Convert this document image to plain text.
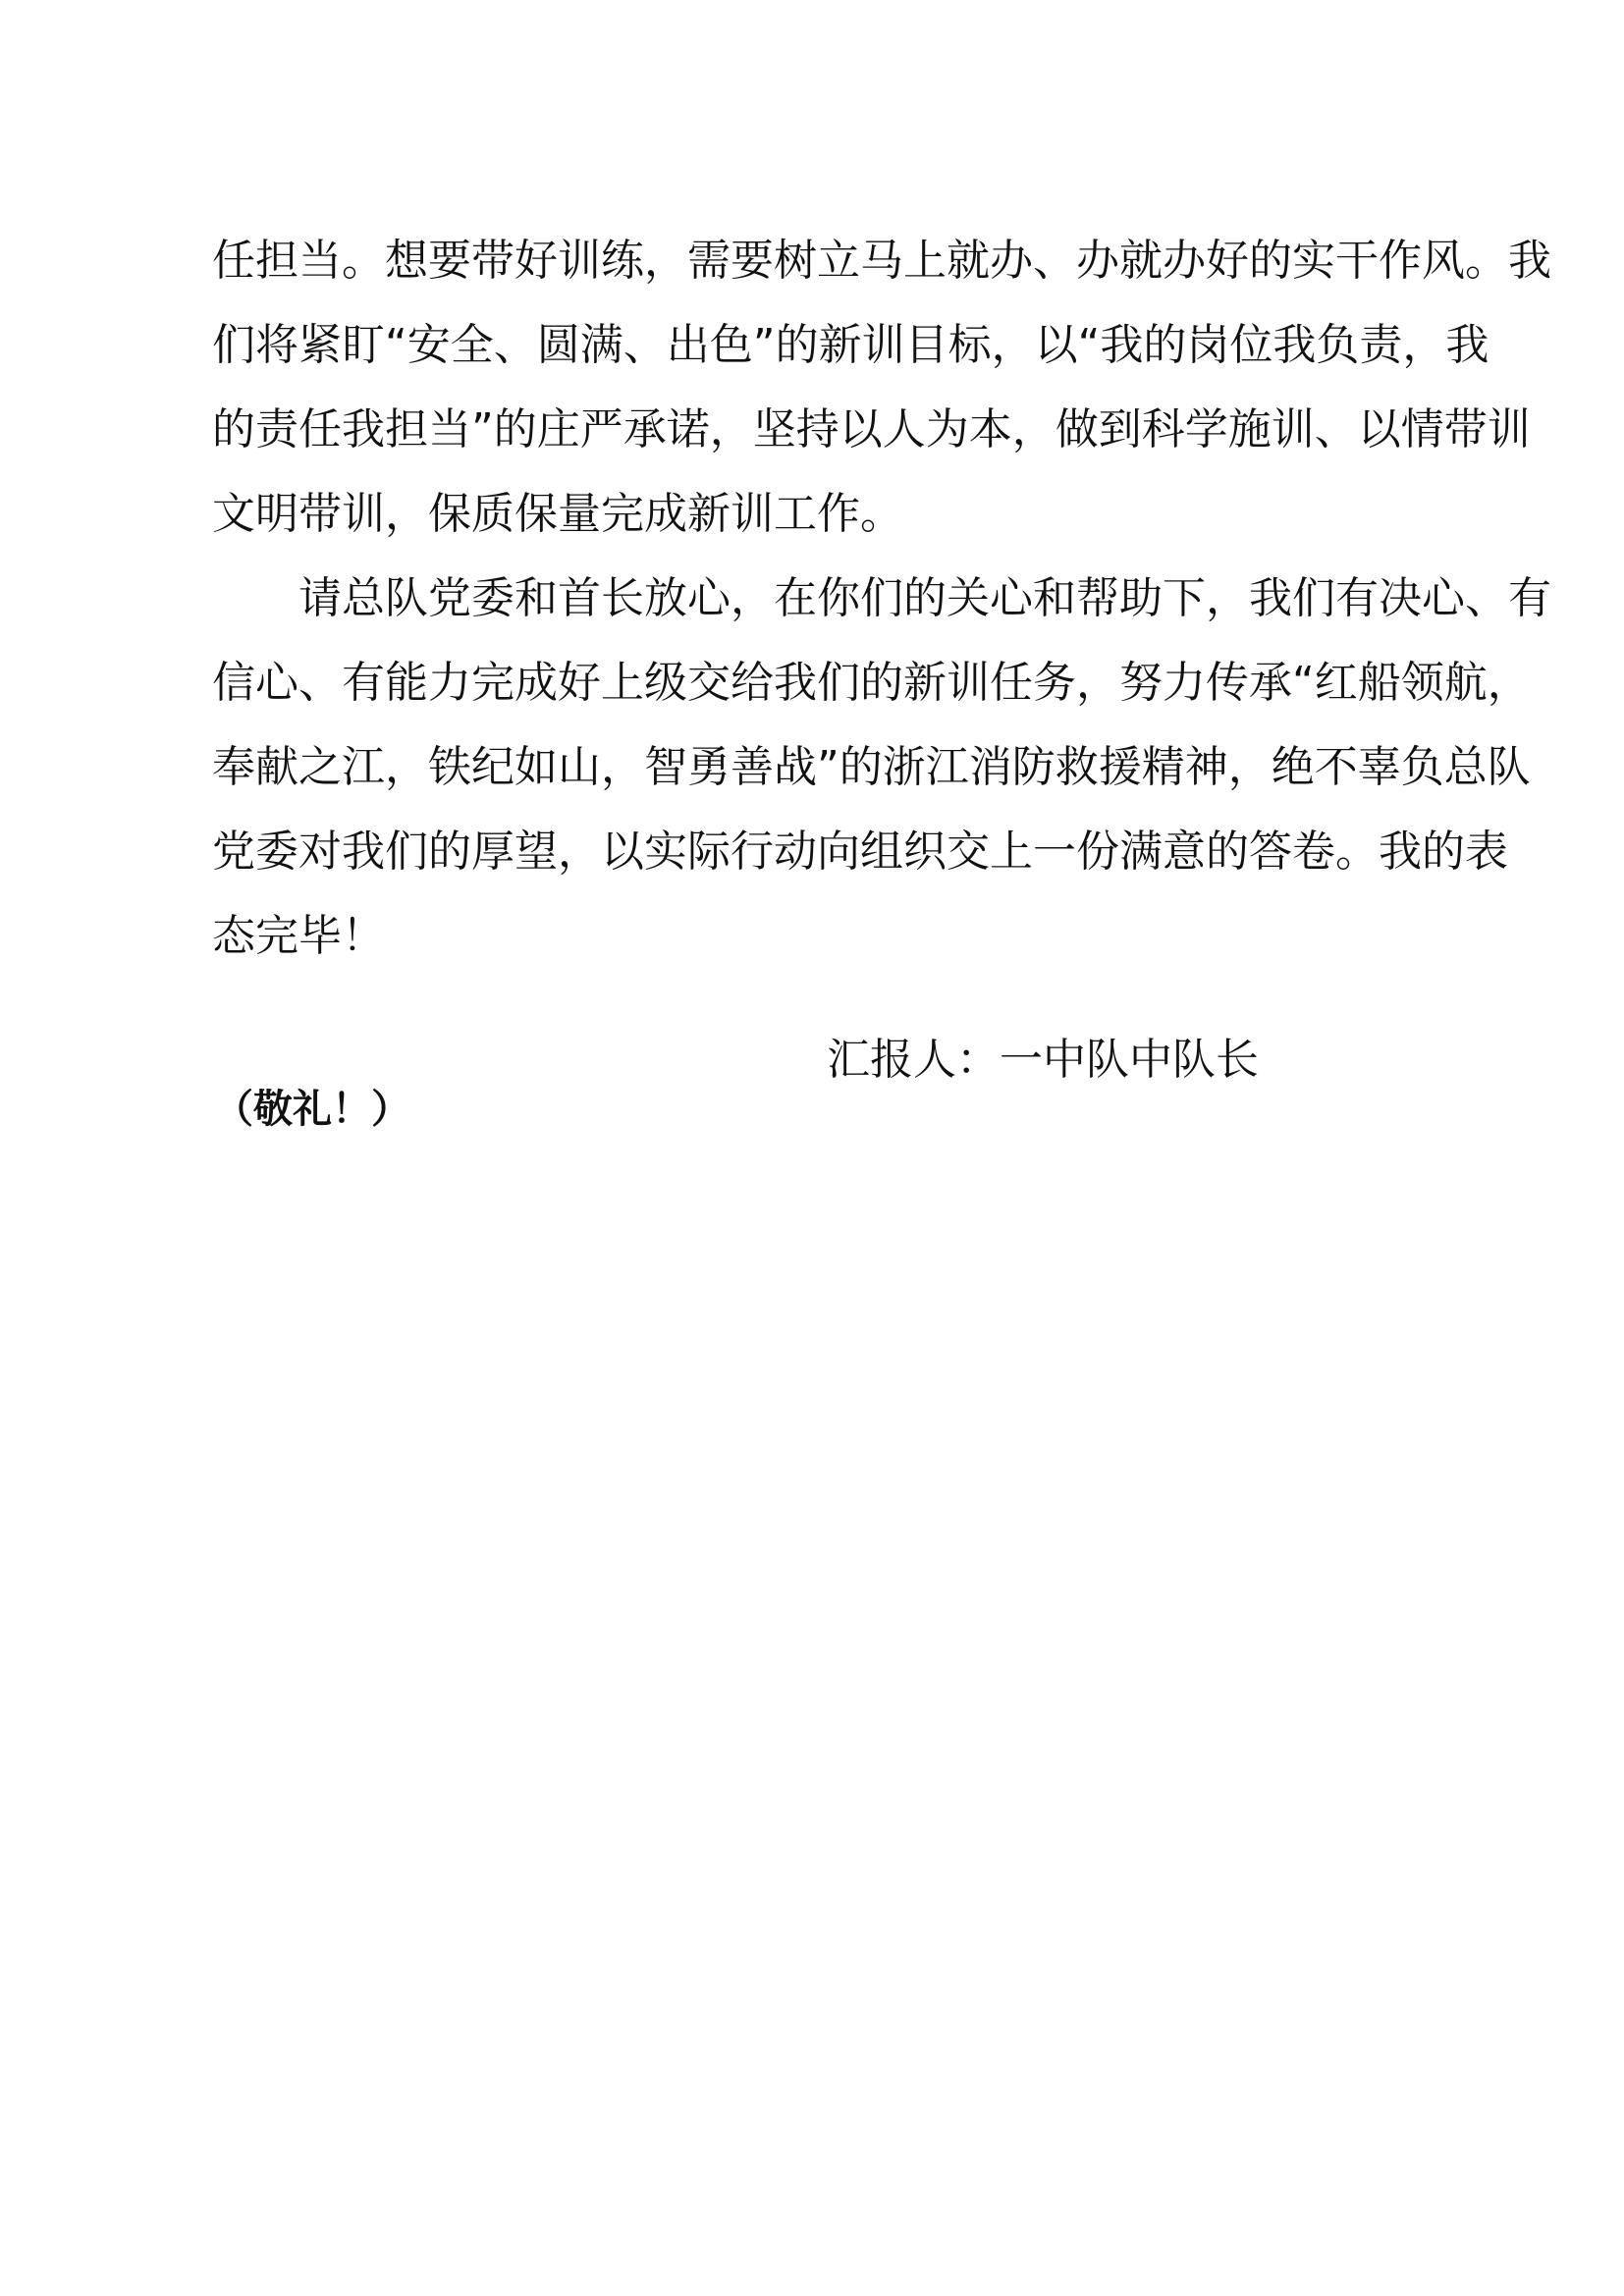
任担当。想要带好训练，需要树立马上就办、办就办好的实干作风。我
们将紧盯“安全、圆满、出色”的新训目标，以“我的岗位我负责，我
的责任我担当”的庄严承诺，坚持以人为本，做到科学施训、以情带训
文明带训，保质保量完成新训工作。
请总队党委和首长放心，在你们的关心和帮助下，我们有决心、有
信心、有能力完成好上级交给我们的新训任务，努力传承“红船领航，
奉献之江，铁纪如山，智勇善战”的浙江消防救援精神，绝不辜负总队
党委对我们的厚望，以实际行动向组织交上一份满意的答卷。我的表
态完毕！
汇报人：一中队中队长
（敬礼！）
